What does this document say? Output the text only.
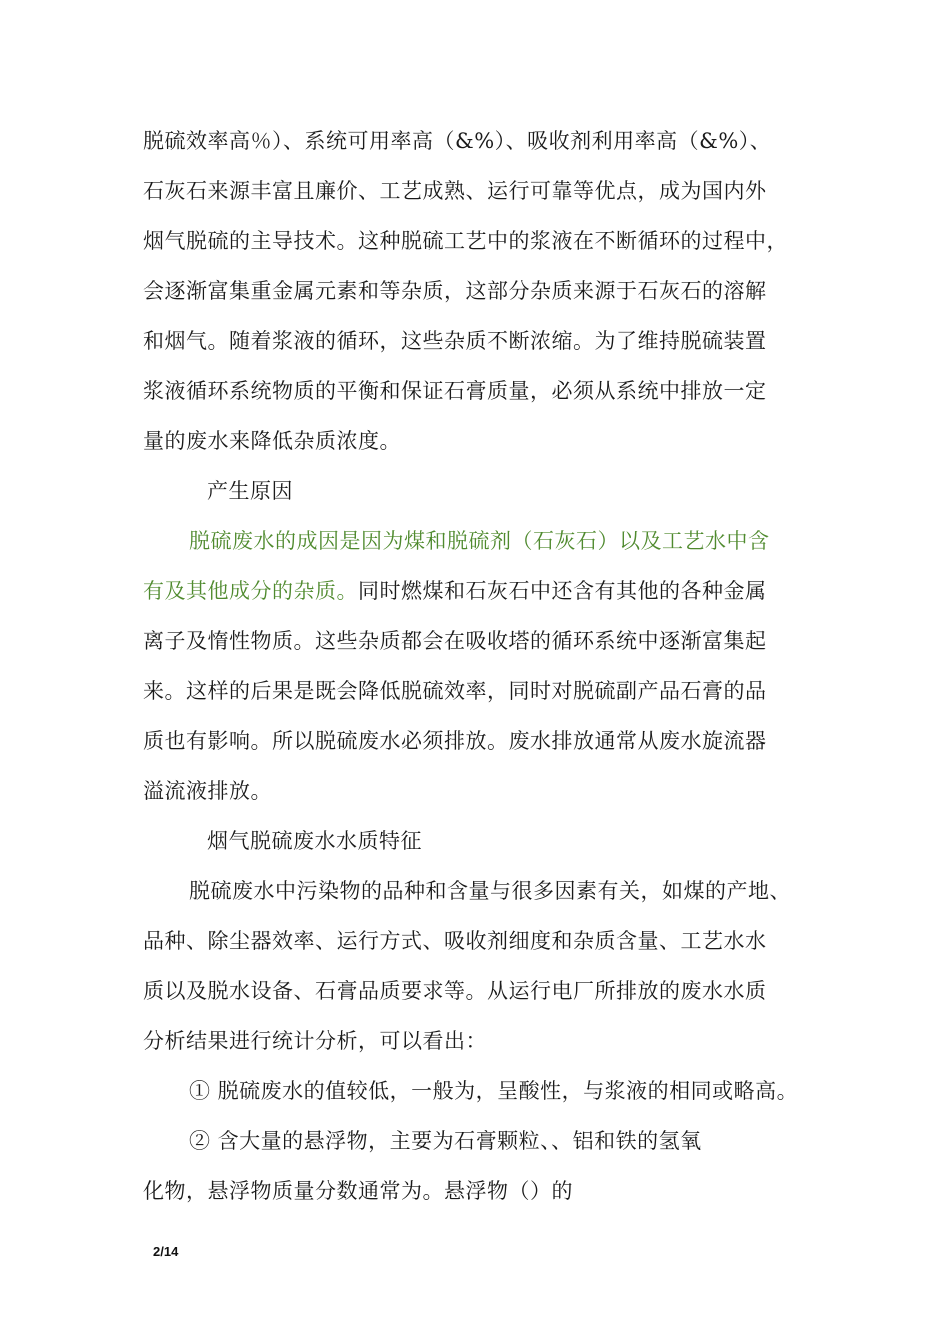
脱硫效率高％）、系统可用率高（&%）、吸收剂利用率高（&%）、
石灰石来源丰富且廉价、工艺成熟、运行可靠等优点，成为国内外
烟气脱硫的主导技术。这种脱硫工艺中的浆液在不断循环的过程中，
会逐渐富集重金属元素和等杂质，这部分杂质来源于石灰石的溶解
和烟气。随着浆液的循环，这些杂质不断浓缩。为了维持脱硫装置
浆液循环系统物质的平衡和保证石膏质量，必须从系统中排放一定
量的废水来降低杂质浓度。
产生原因
脱硫废水的成因是因为煤和脱硫剂（石灰石）以及工艺水中含
有及其他成分的杂质。同时燃煤和石灰石中还含有其他的各种金属
离子及惰性物质。这些杂质都会在吸收塔的循环系统中逐渐富集起
来。这样的后果是既会降低脱硫效率，同时对脱硫副产品石膏的品
质也有影响。所以脱硫废水必须排放。废水排放通常从废水旋流器
溢流液排放。
烟气脱硫废水水质特征
脱硫废水中污染物的品种和含量与很多因素有关，如煤的产地、
品种、除尘器效率、运行方式、吸收剂细度和杂质含量、工艺水水
质以及脱水设备、石膏品质要求等。从运行电厂所排放的废水水质
分析结果进行统计分析，可以看出：
① 脱硫废水的值较低，一般为，呈酸性，与浆液的相同或略高。
② 含大量的悬浮物，主要为石膏颗粒、、铝和铁的氢氧
化物，悬浮物质量分数通常为。悬浮物（）的
2/14
